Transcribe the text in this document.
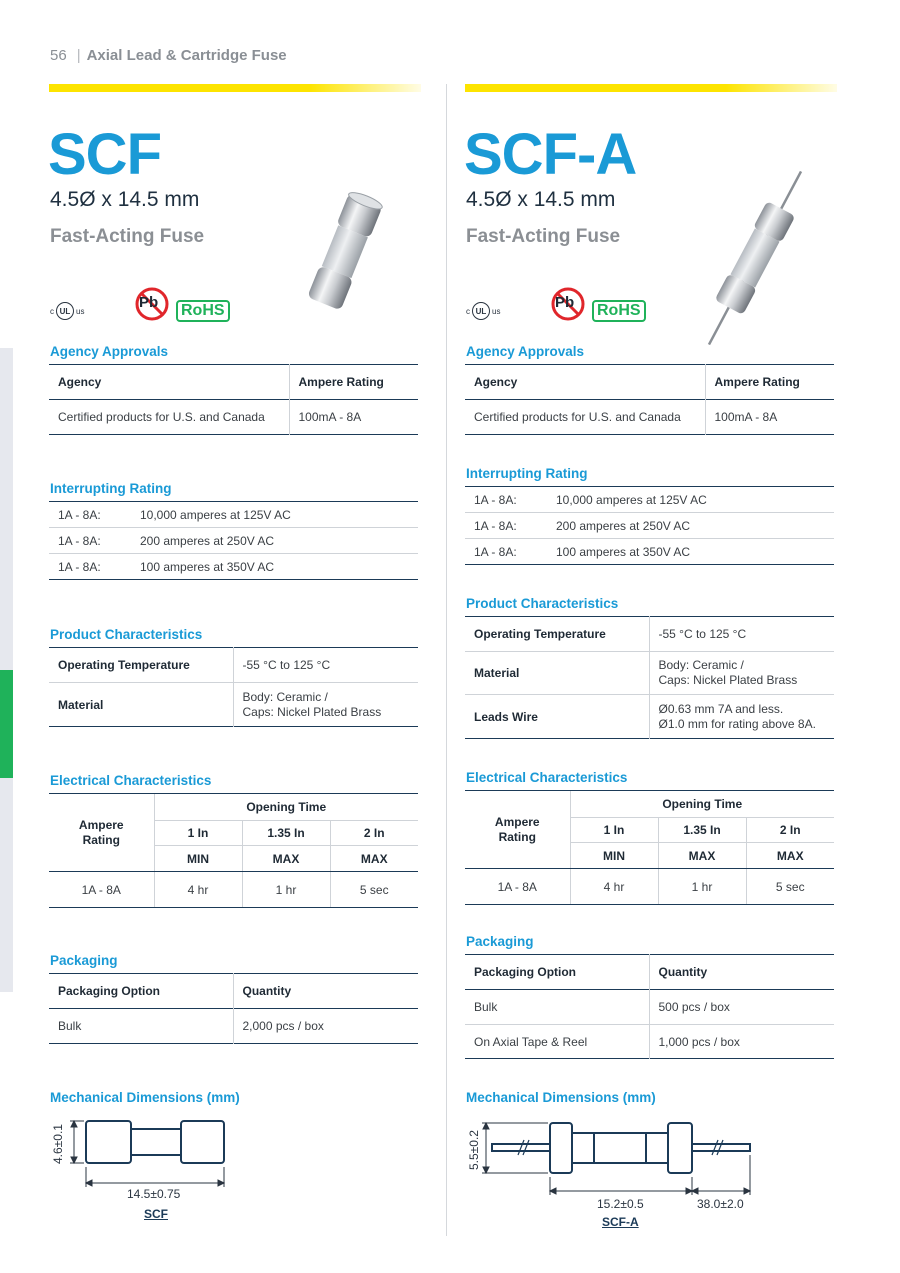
56 | Axial Lead & Cartridge Fuse
SCF
4.5Ø x 14.5 mm
Fast-Acting Fuse
c UL us	Pb	RoHS
Agency Approvals
Agency	Ampere Rating
Certified products for U.S. and Canada	100mA - 8A
Interrupting Rating
1A - 8A:	10,000 amperes at 125V AC
1A - 8A:	200 amperes at 250V AC
1A - 8A:	100 amperes at 350V AC
Product Characteristics
Operating Temperature	-55 °C to 125 °C
Material	Body: Ceramic /
Caps: Nickel Plated Brass
Electrical Characteristics
Ampere
Rating	Opening Time		
	1 In	1.35 In	2 In
	MIN	MAX	MAX
1A - 8A	4 hr	1 hr	5 sec
Packaging
Packaging Option	Quantity
Bulk	2,000 pcs / box
Mechanical Dimensions (mm)
4.6±0.1
14.5±0.75
SCF
SCF-A
4.5Ø x 14.5 mm
Fast-Acting Fuse
c UL us	Pb	RoHS
Agency Approvals
Agency	Ampere Rating
Certified products for U.S. and Canada	100mA - 8A
Interrupting Rating
1A - 8A:	10,000 amperes at 125V AC
1A - 8A:	200 amperes at 250V AC
1A - 8A:	100 amperes at 350V AC
Product Characteristics
Operating Temperature	-55 °C to 125 °C
Material	Body: Ceramic /
Caps: Nickel Plated Brass

Leads Wire	Ø0.63 mm 7A and less.
Ø1.0 mm for rating above 8A.
Electrical Characteristics
Ampere
Rating	Opening Time		
	1 In	1.35 In	2 In
	MIN	MAX	MAX
1A - 8A	4 hr	1 hr	5 sec
Packaging
Packaging Option	Quantity
Bulk	500 pcs / box
On Axial Tape & Reel	1,000 pcs / box
Mechanical Dimensions (mm)
5.5±0.2
15.2±0.5	38.0±2.0
SCF-A
